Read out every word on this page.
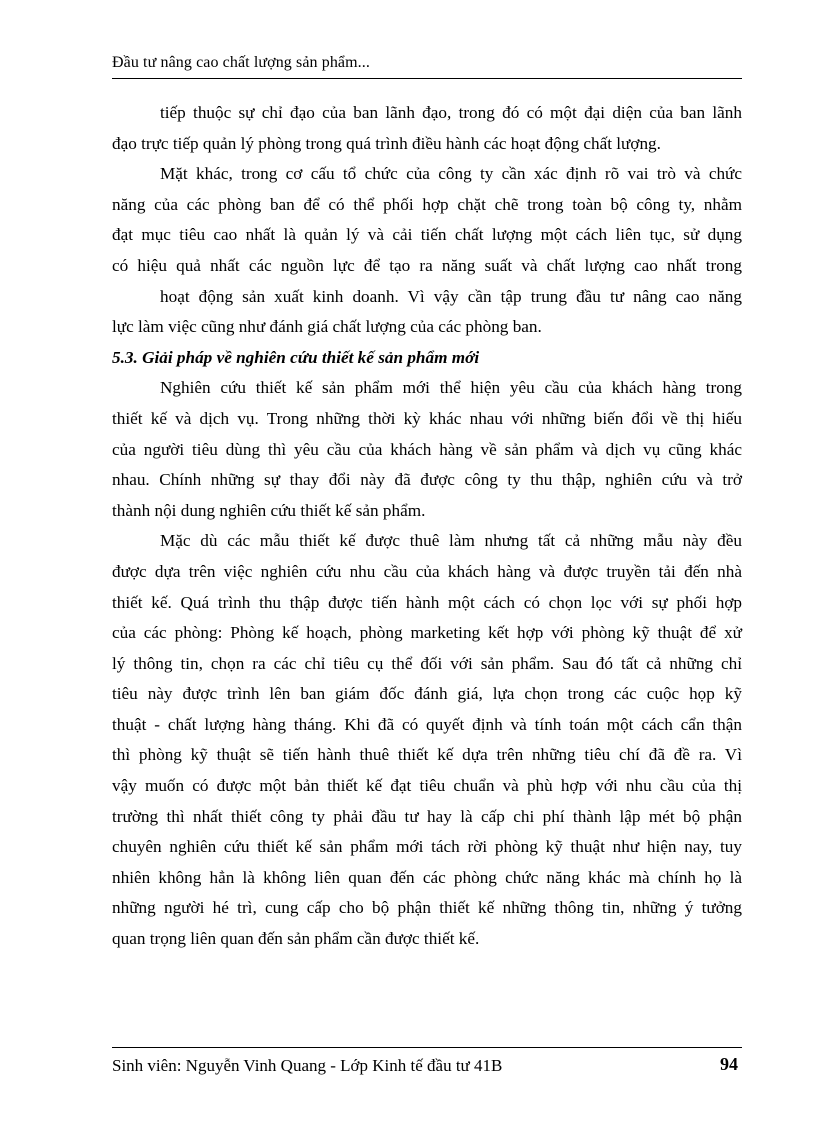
Đầu tư nâng cao chất lượng sản phẩm...
tiếp thuộc sự chỉ đạo của ban lãnh đạo, trong đó có một đại diện của ban lãnh
đạo trực tiếp quản lý phòng trong quá trình điều hành các hoạt động chất lượng.
Mặt khác, trong cơ cấu tổ chức của công ty cần xác định rõ vai trò và chức
năng của các phòng ban để có thể phối hợp chặt chẽ trong toàn bộ công ty, nhằm
đạt mục tiêu cao nhất là quản lý và cải tiến chất lượng một cách liên tục, sử dụng
có hiệu quả nhất các nguồn lực để tạo ra năng suất và chất lượng cao nhất trong
hoạt động sản xuất kinh doanh. Vì vậy cần tập trung đầu tư nâng cao năng
lực làm việc cũng như đánh giá chất lượng của các phòng ban.
5.3. Giải pháp về nghiên cứu thiết kế sản phẩm mới
Nghiên cứu thiết kế sản phẩm mới thể hiện yêu cầu của khách hàng trong
thiết kế và dịch vụ. Trong những thời kỳ khác nhau với những biến đổi về thị hiếu
của người tiêu dùng thì yêu cầu của khách hàng về sản phẩm và dịch vụ cũng khác
nhau. Chính những sự thay đổi này đã được công ty thu thập, nghiên cứu và trở
thành nội dung nghiên cứu thiết kế sản phẩm.
Mặc dù các mẫu thiết kế được thuê làm nhưng tất cả những mẫu này đều
được dựa trên việc nghiên cứu nhu cầu của khách hàng và được truyền tải đến nhà
thiết kế. Quá trình thu thập được tiến hành một cách có chọn lọc với sự phối hợp
của các phòng: Phòng kế hoạch, phòng marketing kết hợp với phòng kỹ thuật để xử
lý thông tin, chọn ra các chỉ tiêu cụ thể đối với sản phẩm. Sau đó tất cả những chỉ
tiêu này được trình lên ban giám đốc đánh giá, lựa chọn trong các cuộc họp kỹ
thuật - chất lượng hàng tháng. Khi đã có quyết định và tính toán một cách cẩn thận
thì phòng kỹ thuật sẽ tiến hành thuê thiết kế dựa trên những tiêu chí đã đề ra. Vì
vậy muốn có được một bản thiết kế đạt tiêu chuẩn và phù hợp với nhu cầu của thị
trường thì nhất thiết công ty phải đầu tư hay là cấp chi phí thành lập mét bộ phận
chuyên nghiên cứu thiết kế sản phẩm mới tách rời phòng kỹ thuật như hiện nay, tuy
nhiên không hẳn là không liên quan đến các phòng chức năng khác mà chính họ là
những người hé trì, cung cấp cho bộ phận thiết kế những thông tin, những ý tưởng
quan trọng liên quan đến sản phẩm cần được thiết kế.
Sinh viên: Nguyễn Vinh Quang - Lớp Kinh tế đầu tư 41B	94
